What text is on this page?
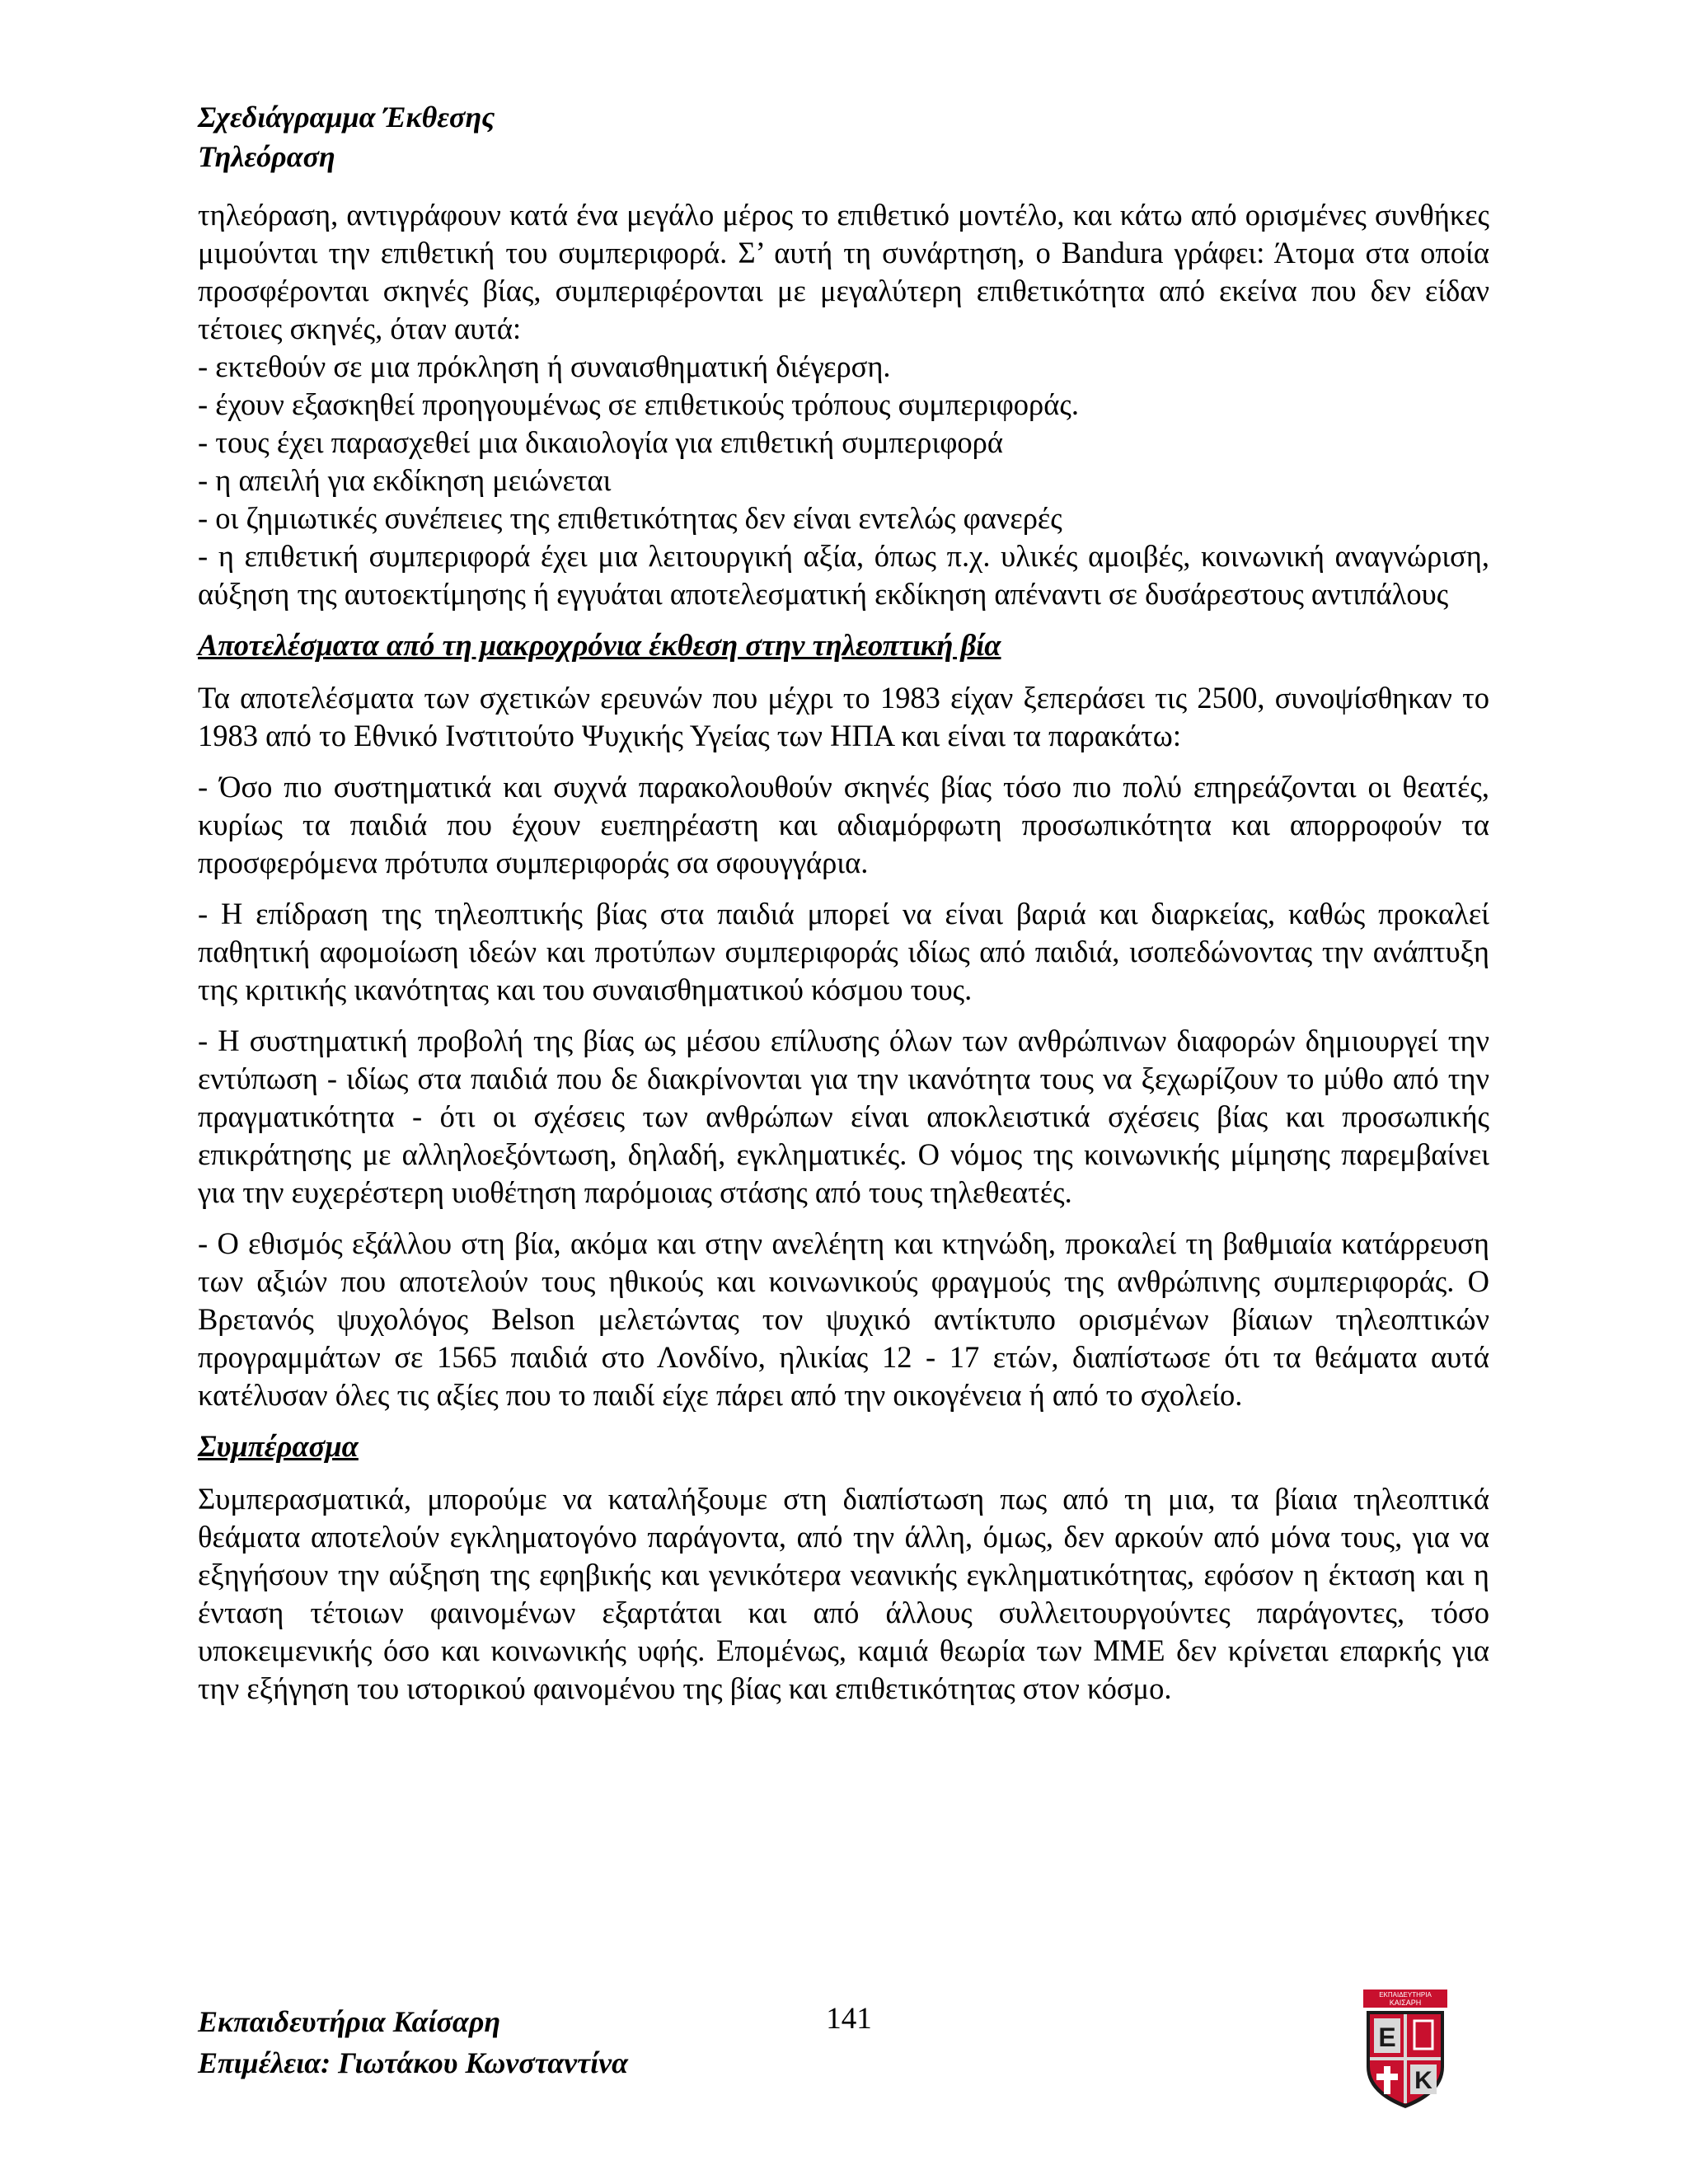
Σχεδιάγραμμα Έκθεσης
Τηλεόραση

τηλεόραση, αντιγράφουν κατά ένα μεγάλο μέρος το επιθετικό μοντέλο, και κάτω από ορισμένες συνθήκες μιμούνται την επιθετική του συμπεριφορά. Σ’ αυτή τη συνάρτηση, ο Bandura γράφει: Άτομα στα οποία προσφέρονται σκηνές βίας, συμπεριφέρονται με μεγαλύτερη επιθετικότητα από εκείνα που δεν είδαν τέτοιες σκηνές, όταν αυτά:

- εκτεθούν σε μια πρόκληση ή συναισθηματική διέγερση.
- έχουν εξασκηθεί προηγουμένως σε επιθετικούς τρόπους συμπεριφοράς.
- τους έχει παρασχεθεί μια δικαιολογία για επιθετική συμπεριφορά
- η απειλή για εκδίκηση μειώνεται
- οι ζημιωτικές συνέπειες της επιθετικότητας δεν είναι εντελώς φανερές

- η επιθετική συμπεριφορά έχει μια λειτουργική αξία, όπως π.χ. υλικές αμοιβές, κοινωνική αναγνώριση, αύξηση της αυτοεκτίμησης ή εγγυάται αποτελεσματική εκδίκηση απέναντι σε δυσάρεστους αντιπάλους

Αποτελέσματα από τη μακροχρόνια έκθεση στην τηλεοπτική βία

Τα αποτελέσματα των σχετικών ερευνών που μέχρι το 1983 είχαν ξεπεράσει τις 2500, συνοψίσθηκαν το 1983 από το Εθνικό Ινστιτούτο Ψυχικής Υγείας των ΗΠΑ και είναι τα παρακάτω:

- Όσο πιο συστηματικά και συχνά παρακολουθούν σκηνές βίας τόσο πιο πολύ επηρεάζονται οι θεατές, κυρίως τα παιδιά που έχουν ευεπηρέαστη και αδιαμόρφωτη προσωπικότητα και απορροφούν τα προσφερόμενα πρότυπα συμπεριφοράς σα σφουγγάρια.

- Η επίδραση της τηλεοπτικής βίας στα παιδιά μπορεί να είναι βαριά και διαρκείας, καθώς προκαλεί παθητική αφομοίωση ιδεών και προτύπων συμπεριφοράς ιδίως από παιδιά, ισοπεδώνοντας την ανάπτυξη της κριτικής ικανότητας και του συναισθηματικού κόσμου τους.

- Η συστηματική προβολή της βίας ως μέσου επίλυσης όλων των ανθρώπινων διαφορών δημιουργεί την εντύπωση - ιδίως στα παιδιά που δε διακρίνονται για την ικανότητα τους να ξεχωρίζουν το μύθο από την πραγματικότητα - ότι οι σχέσεις των ανθρώπων είναι αποκλειστικά σχέσεις βίας και προσωπικής επικράτησης με αλληλοεξόντωση, δηλαδή, εγκληματικές. Ο νόμος της κοινωνικής μίμησης παρεμβαίνει για την ευχερέστερη υιοθέτηση παρόμοιας στάσης από τους τηλεθεατές.

- Ο εθισμός εξάλλου στη βία, ακόμα και στην ανελέητη και κτηνώδη, προκαλεί τη βαθμιαία κατάρρευση των αξιών που αποτελούν τους ηθικούς και κοινωνικούς φραγμούς της ανθρώπινης συμπεριφοράς. Ο Βρετανός ψυχολόγος Belson μελετώντας τον ψυχικό αντίκτυπο ορισμένων βίαιων τηλεοπτικών προγραμμάτων σε 1565 παιδιά στο Λονδίνο, ηλικίας 12 - 17 ετών, διαπίστωσε ότι τα θεάματα αυτά κατέλυσαν όλες τις αξίες που το παιδί είχε πάρει από την οικογένεια ή από το σχολείο.

Συμπέρασμα

Συμπερασματικά, μπορούμε να καταλήξουμε στη διαπίστωση πως από τη μια, τα βίαια τηλεοπτικά θεάματα αποτελούν εγκληματογόνο παράγοντα, από την άλλη, όμως, δεν αρκούν από μόνα τους, για να εξηγήσουν την αύξηση της εφηβικής και γενικότερα νεανικής εγκληματικότητας, εφόσον η έκταση και η ένταση τέτοιων φαινομένων εξαρτάται και από άλλους συλλειτουργούντες παράγοντες, τόσο υποκειμενικής όσο και κοινωνικής υφής. Επομένως, καμιά θεωρία των ΜΜΕ δεν κρίνεται επαρκής για την εξήγηση του ιστορικού φαινομένου της βίας και επιθετικότητας στον κόσμο.

Εκπαιδευτήρια Καίσαρη
Επιμέλεια: Γιωτάκου Κωνσταντίνα
141
ΕΚΠΑΙΔΕΥΤΗΡΙΑ
ΚΑΙΣΑΡΗ
Ε
Κ
